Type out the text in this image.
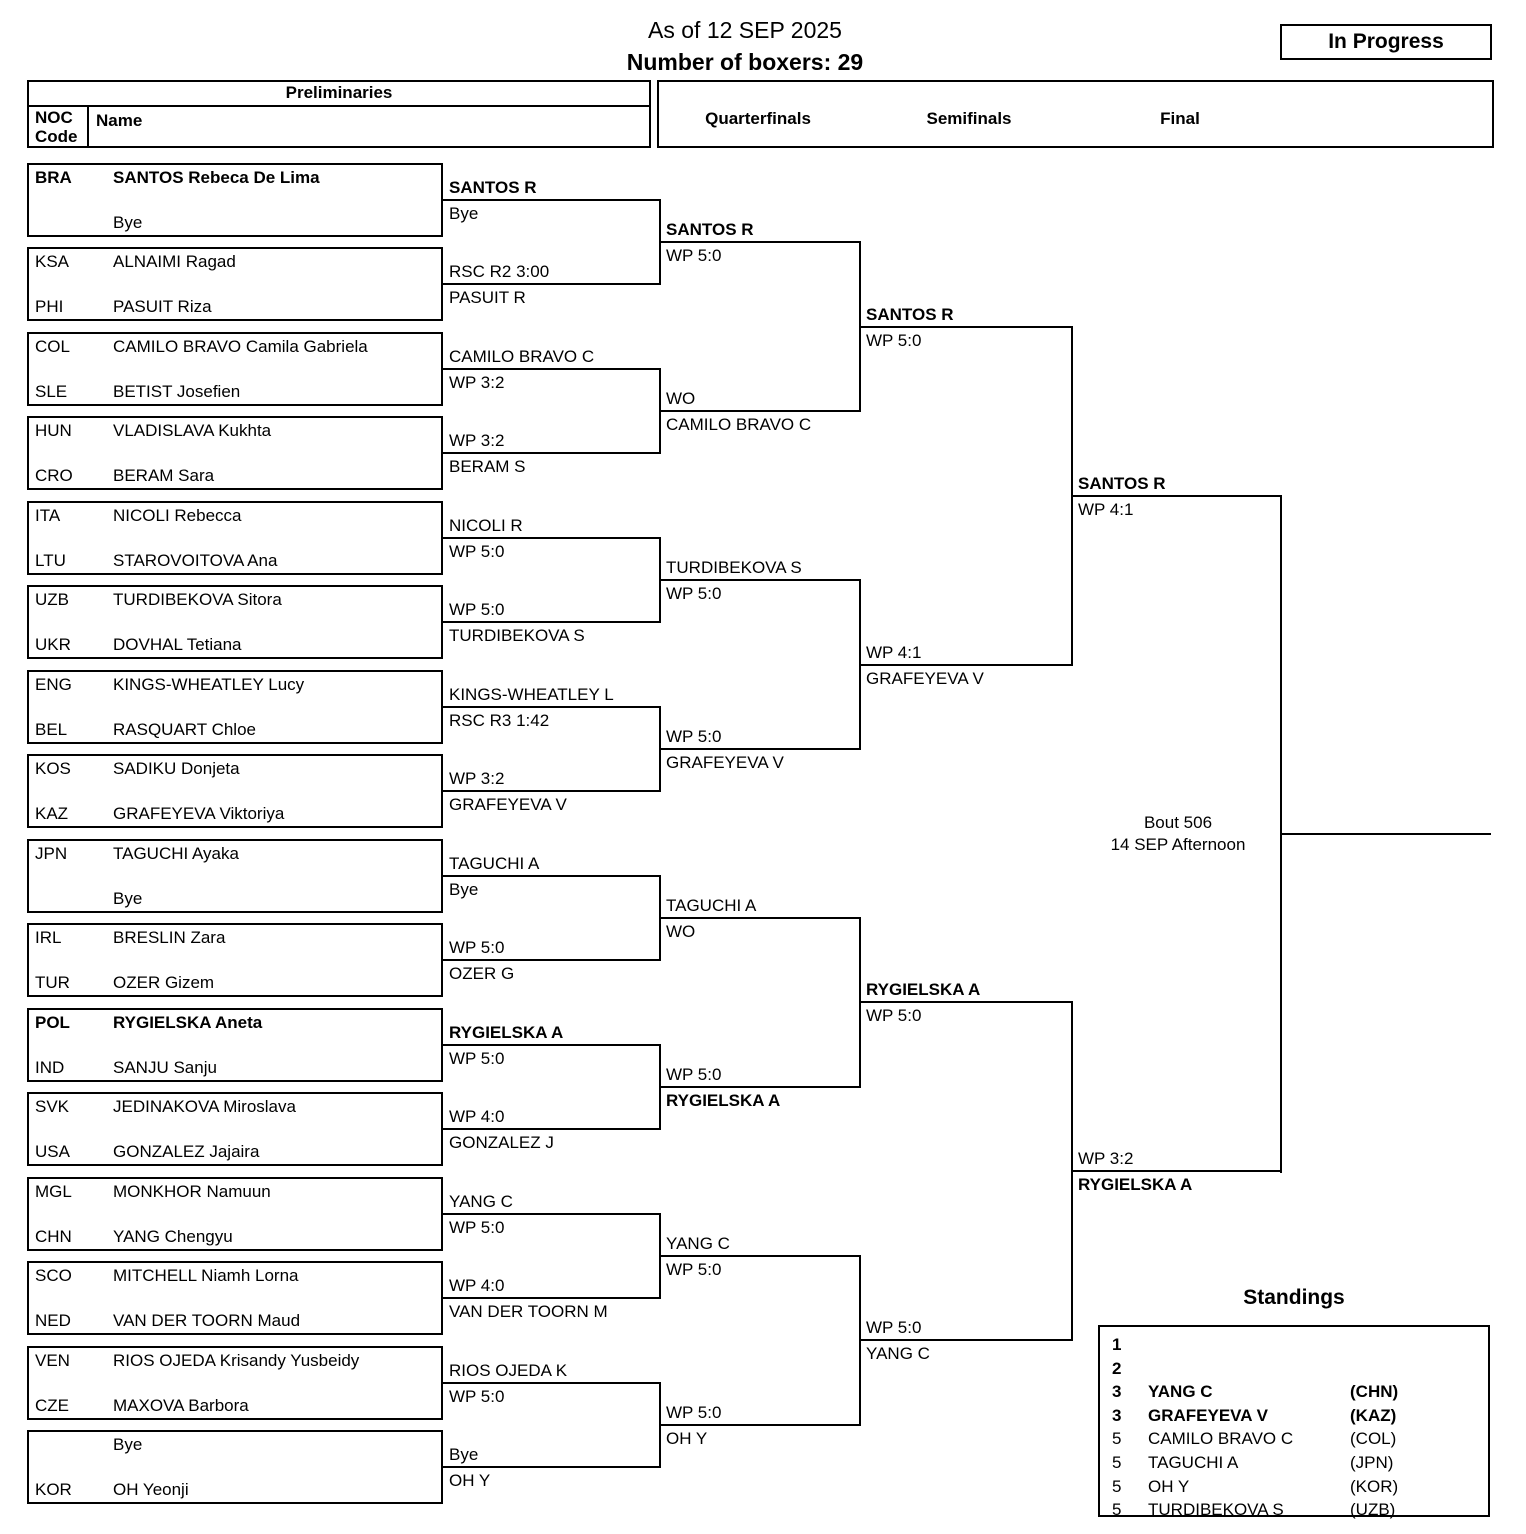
As of 12 SEP 2025
Number of boxers: 29
In Progress
Preliminaries
NOC Code
Name	Quarterfinals	Semifinals	Final
BRA	SANTOS Rebeca De Lima
Bye
KSA	ALNAIMI Ragad
PHI	PASUIT Riza
COL	CAMILO BRAVO Camila Gabriela
SLE	BETIST Josefien
HUN	VLADISLAVA Kukhta
CRO	BERAM Sara
ITA	NICOLI Rebecca
LTU	STAROVOITOVA Ana
UZB	TURDIBEKOVA Sitora
UKR	DOVHAL Tetiana
ENG	KINGS-WHEATLEY Lucy
BEL	RASQUART Chloe
KOS	SADIKU Donjeta
KAZ	GRAFEYEVA Viktoriya
JPN	TAGUCHI Ayaka
Bye
IRL	BRESLIN Zara
TUR	OZER Gizem
POL	RYGIELSKA Aneta
IND	SANJU Sanju
SVK	JEDINAKOVA Miroslava
USA	GONZALEZ Jajaira
MGL	MONKHOR Namuun
CHN	YANG Chengyu
SCO	MITCHELL Niamh Lorna
NED	VAN DER TOORN Maud
VEN	RIOS OJEDA Krisandy Yusbeidy
CZE	MAXOVA Barbora
Bye
KOR	OH Yeonji
SANTOS R
Bye
RSC R2 3:00
PASUIT R
CAMILO BRAVO C
WP 3:2
WP 3:2
BERAM S
NICOLI R
WP 5:0
WP 5:0
TURDIBEKOVA S
KINGS-WHEATLEY L
RSC R3 1:42
WP 3:2
GRAFEYEVA V
TAGUCHI A
Bye
WP 5:0
OZER G
RYGIELSKA A
WP 5:0
WP 4:0
GONZALEZ J
YANG C
WP 5:0
WP 4:0
VAN DER TOORN M
RIOS OJEDA K
WP 5:0
Bye
OH Y
SANTOS R
WP 5:0
WO
CAMILO BRAVO C
TURDIBEKOVA S
WP 5:0
WP 5:0
GRAFEYEVA V
TAGUCHI A
WO
WP 5:0
RYGIELSKA A
YANG C
WP 5:0
WP 5:0
OH Y
SANTOS R
WP 5:0
WP 4:1
GRAFEYEVA V
RYGIELSKA A
WP 5:0
WP 5:0
YANG C
SANTOS R
WP 4:1
WP 3:2
RYGIELSKA A
Bout 506
14 SEP Afternoon
Standings
1
2
3 YANG C	(CHN)
3 GRAFEYEVA V	(KAZ)
5 CAMILO BRAVO C	(COL)
5 TAGUCHI A	(JPN)
5 OH Y	(KOR)
5 TURDIBEKOVA S	(UZB)
